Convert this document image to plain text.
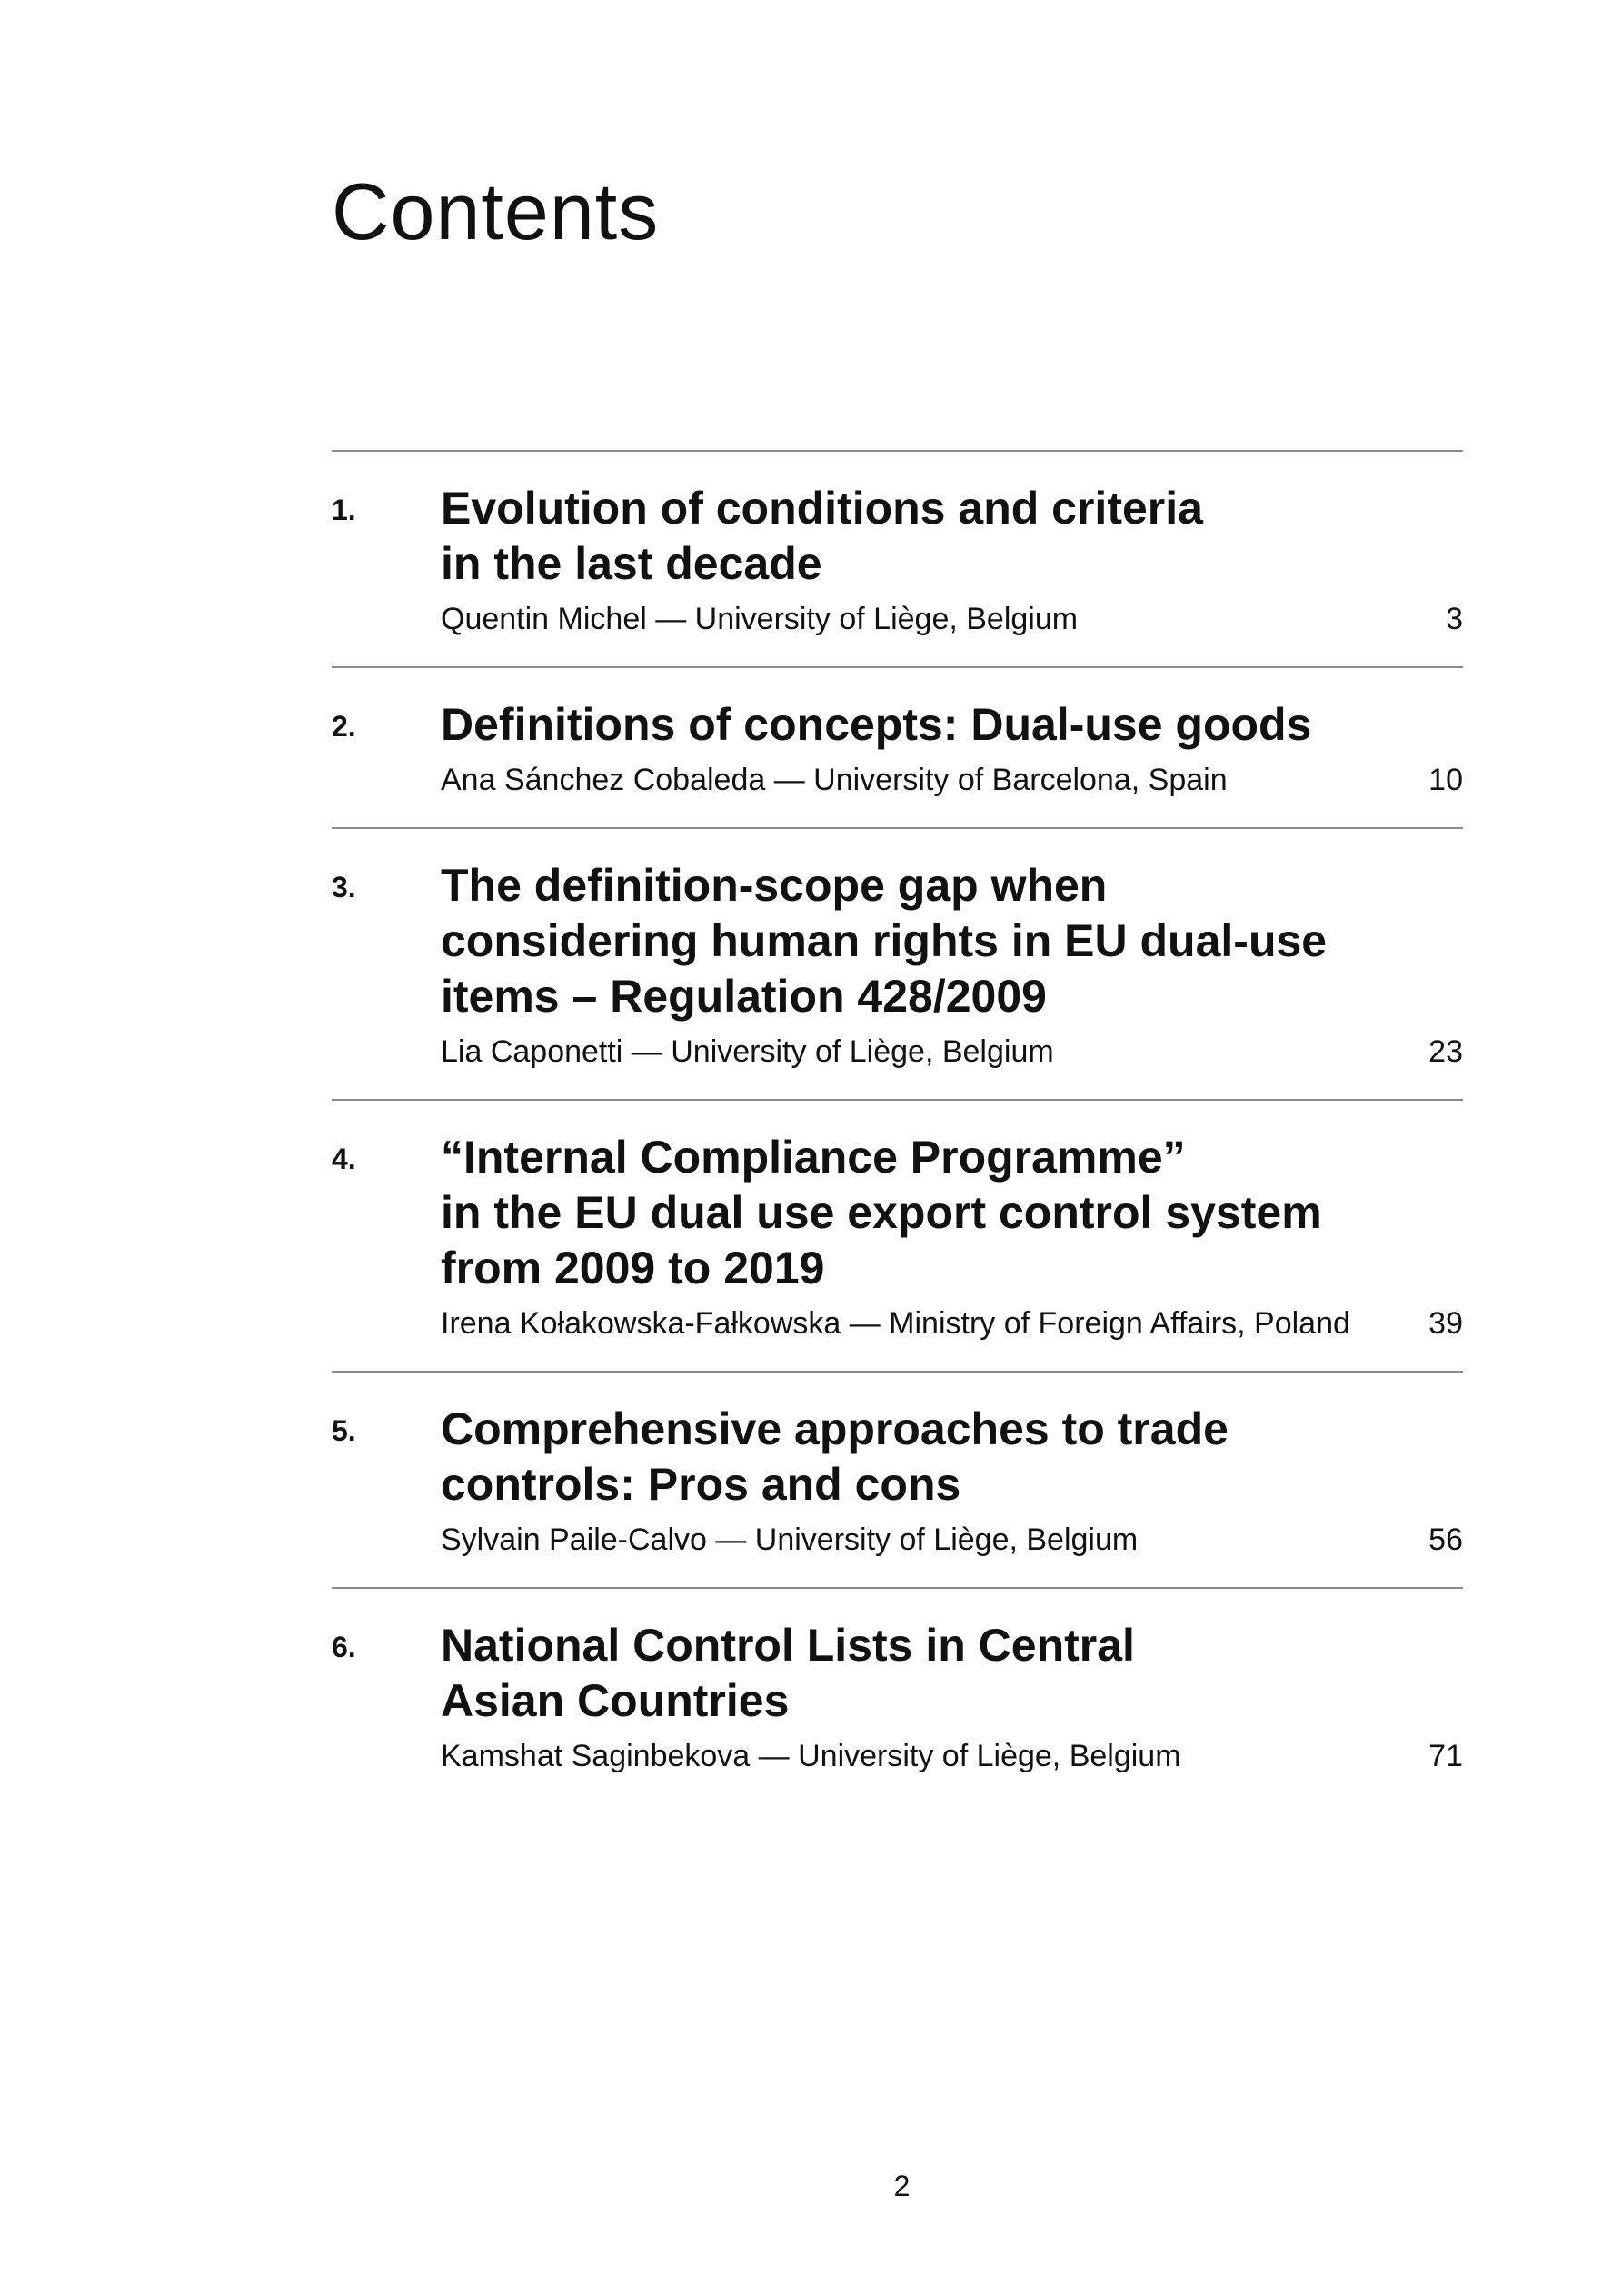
Contents
1. Evolution of conditions and criteria
in the last decade
Quentin Michel — University of Liège, Belgium	3
2. Definitions of concepts: Dual-use goods
Ana Sánchez Cobaleda — University of Barcelona, Spain	10
3. The definition-scope gap when
considering human rights in EU dual-use
items – Regulation 428/2009
Lia Caponetti — University of Liège, Belgium	23
4. “Internal Compliance Programme”
in the EU dual use export control system
from 2009 to 2019
Irena Kołakowska-Fałkowska — Ministry of Foreign Affairs, Poland	39
5. Comprehensive approaches to trade
controls: Pros and cons
Sylvain Paile-Calvo — University of Liège, Belgium	56
6. National Control Lists in Central
Asian Countries
Kamshat Saginbekova — University of Liège, Belgium	71
2
